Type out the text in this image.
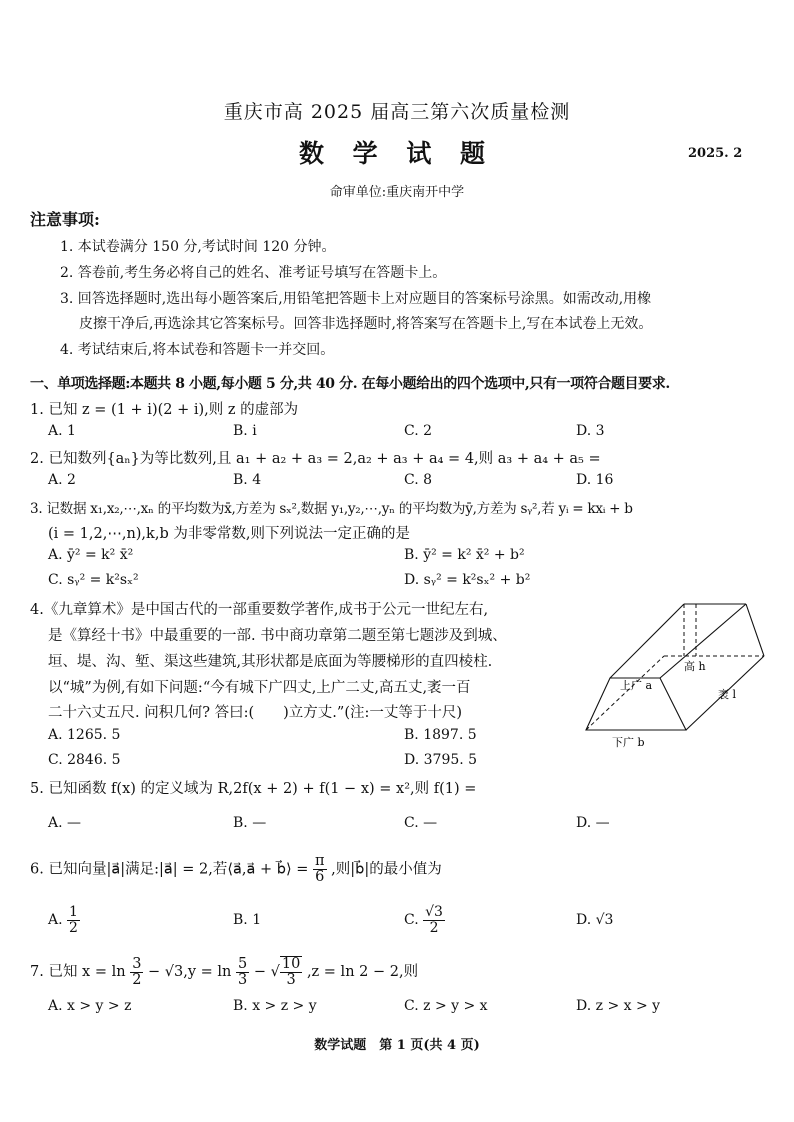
重庆市高 2025 届高三第六次质量检测
数 学 试 题	2025. 2
命审单位:重庆南开中学
注意事项:
1. 本试卷满分 150 分,考试时间 120 分钟。
2. 答卷前,考生务必将自己的姓名、准考证号填写在答题卡上。
3. 回答选择题时,选出每小题答案后,用铅笔把答题卡上对应题目的答案标号涂黑。如需改动,用橡
皮擦干净后,再选涂其它答案标号。回答非选择题时,将答案写在答题卡上,写在本试卷上无效。
4. 考试结束后,将本试卷和答题卡一并交回。
一、单项选择题:本题共 8 小题,每小题 5 分,共 40 分. 在每小题给出的四个选项中,只有一项符合题目要求.
1. 已知 z = (1 + i)(2 + i),则 z 的虚部为
A. 1	B. i	C. 2	D. 3
2. 已知数列{aₙ}为等比数列,且 a₁ + a₂ + a₃ = 2,a₂ + a₃ + a₄ = 4,则 a₃ + a₄ + a₅ =
A. 2	B. 4	C. 8	D. 16
3. 记数据 x₁,x₂,⋯,xₙ 的平均数为x̄,方差为 sₓ²,数据 y₁,y₂,⋯,yₙ 的平均数为ȳ,方差为 sᵧ²,若 yᵢ = kxᵢ + b
(i = 1,2,⋯,n),k,b 为非零常数,则下列说法一定正确的是
A. ȳ² = k² x̄²	B. ȳ² = k² x̄² + b²
C. sᵧ² = k²sₓ²	D. sᵧ² = k²sₓ² + b²
4.《九章算术》是中国古代的一部重要数学著作,成书于公元一世纪左右,
是《算经十书》中最重要的一部. 书中商功章第二题至第七题涉及到城、
垣、堤、沟、堑、渠这些建筑,其形状都是底面为等腰梯形的直四棱柱.
以“城”为例,有如下问题:“今有城下广四丈,上广二丈,高五丈,袤一百
二十六丈五尺. 问积几何? 答曰:(　　)立方丈.”(注:一丈等于十尺)
A. 1265. 5	B. 1897. 5
C. 2846. 5	D. 3795. 5
上广 a
高 h
袤 l
下广 b
5. 已知函数 f(x) 的定义域为 R,2f(x + 2) + f(1 − x) = x²,则 f(1) =
A. —	B. —	C. —	D. —
6. 已知向量|a⃗|满足:|a⃗| = 2,若⟨a⃗,a⃗ + b⃗⟩ = $\frac{\pi}{6}$ ,则|b⃗|的最小值为
A. $\frac{1}{2}$	B. 1	C. $\frac{√3}{2}$	D. √3
7. 已知 $x = \ln \frac{3}{2} - √3,y = \ln \frac{5}{3}$ − √ $\frac{10}{3} ,z = \ln 2 - 2$,则
A. x > y > z	B. x > z > y	C. z > y > x	D. z > x > y
数学试题　第 1 页(共 4 页)
